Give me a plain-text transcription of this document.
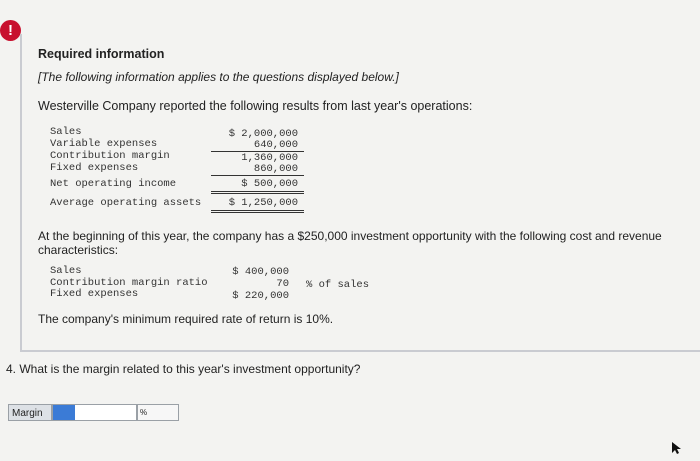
!
Required information
[The following information applies to the questions displayed below.]
Westerville Company reported the following results from last year's operations:
Sales	$ 2,000,000
Variable expenses	640,000
Contribution margin	1,360,000
Fixed expenses	860,000
Net operating income	$ 500,000
Average operating assets	$ 1,250,000
At the beginning of this year, the company has a $250,000 investment opportunity with the following cost and revenue characteristics:
Sales	$ 400,000
Contribution margin ratio	70 % of sales
Fixed expenses	$ 220,000
The company's minimum required rate of return is 10%.
4. What is the margin related to this year's investment opportunity?
Margin	%
